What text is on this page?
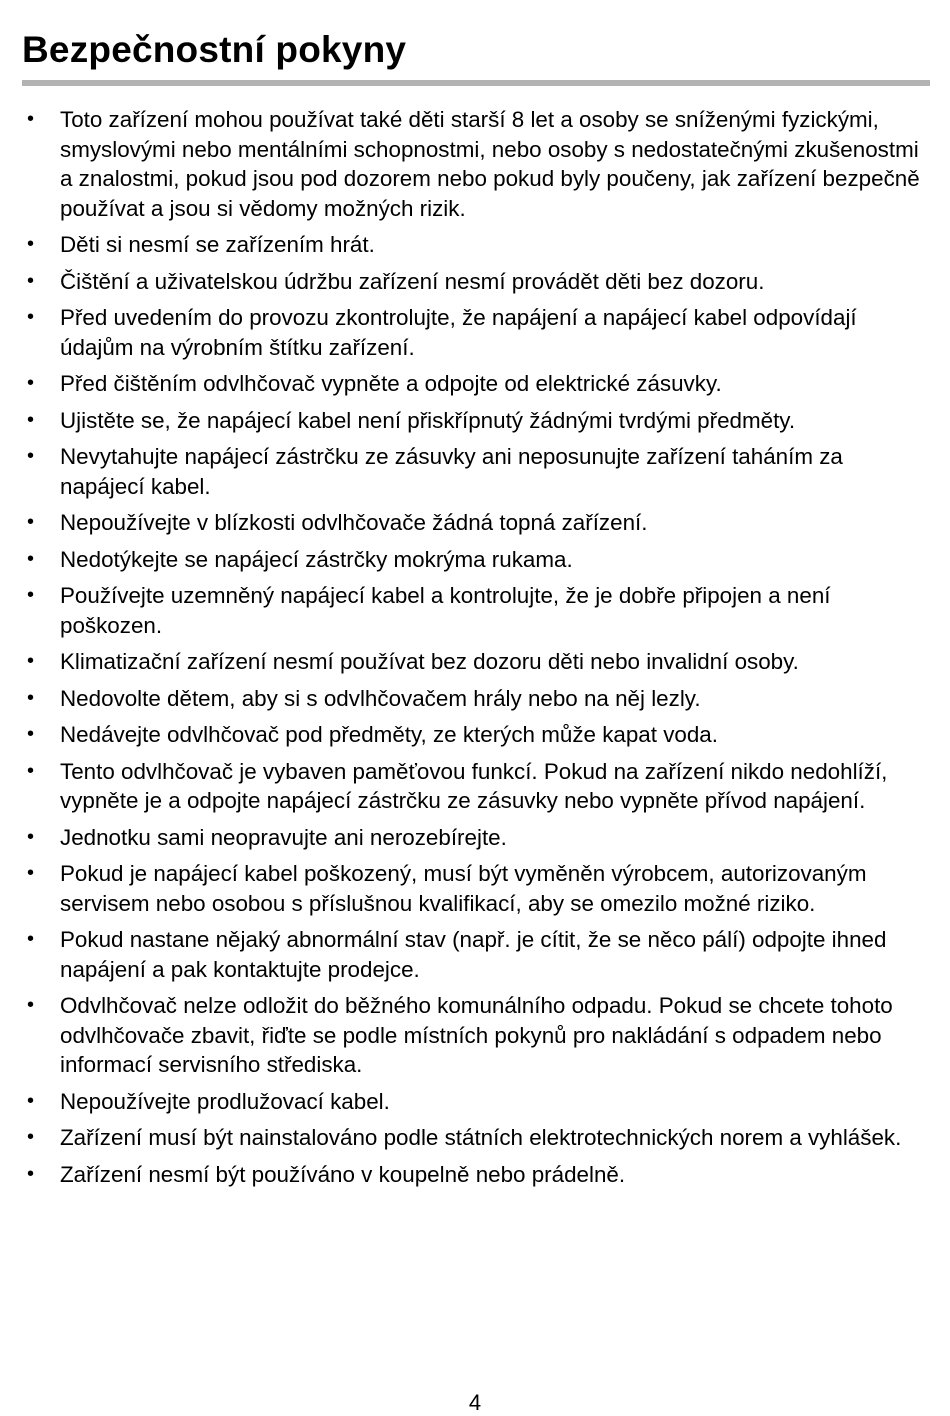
Bezpečnostní pokyny
• Toto zařízení mohou používat také děti starší 8 let a osoby se sníženými fyzickými, smyslovými nebo mentálními schopnostmi, nebo osoby s nedostatečnými zkušenostmi a znalostmi, pokud jsou pod dozorem nebo pokud byly poučeny, jak zařízení bezpečně používat a jsou si vědomy možných rizik.
• Děti si nesmí se zařízením hrát.
• Čištění a uživatelskou údržbu zařízení nesmí provádět děti bez dozoru.
• Před uvedením do provozu zkontrolujte, že napájení a napájecí kabel odpovídají údajům na výrobním štítku zařízení.
• Před čištěním odvlhčovač vypněte a odpojte od elektrické zásuvky.
• Ujistěte se, že napájecí kabel není přiskřípnutý žádnými tvrdými předměty.
• Nevytahujte napájecí zástrčku ze zásuvky ani neposunujte zařízení taháním za napájecí kabel.
• Nepoužívejte v blízkosti odvlhčovače žádná topná zařízení.
• Nedotýkejte se napájecí zástrčky mokrýma rukama.
• Používejte uzemněný napájecí kabel a kontrolujte, že je dobře připojen a není poškozen.
• Klimatizační zařízení nesmí používat bez dozoru děti nebo invalidní osoby.
• Nedovolte dětem, aby si s odvlhčovačem hrály nebo na něj lezly.
• Nedávejte odvlhčovač pod předměty, ze kterých může kapat voda.
• Tento odvlhčovač je vybaven paměťovou funkcí. Pokud na zařízení nikdo nedohlíží, vypněte je a odpojte napájecí zástrčku ze zásuvky nebo vypněte přívod napájení.
• Jednotku sami neopravujte ani nerozebírejte.
• Pokud je napájecí kabel poškozený, musí být vyměněn výrobcem, autorizovaným servisem nebo osobou s příslušnou kvalifikací, aby se omezilo možné riziko.
• Pokud nastane nějaký abnormální stav (např. je cítit, že se něco pálí) odpojte ihned napájení a pak kontaktujte prodejce.
• Odvlhčovač nelze odložit do běžného komunálního odpadu. Pokud se chcete tohoto odvlhčovače zbavit, řiďte se podle místních pokynů pro nakládání s odpadem nebo informací servisního střediska.
• Nepoužívejte prodlužovací kabel.
• Zařízení musí být nainstalováno podle státních elektrotechnických norem a vyhlášek.
• Zařízení nesmí být používáno v koupelně nebo prádelně.
4
